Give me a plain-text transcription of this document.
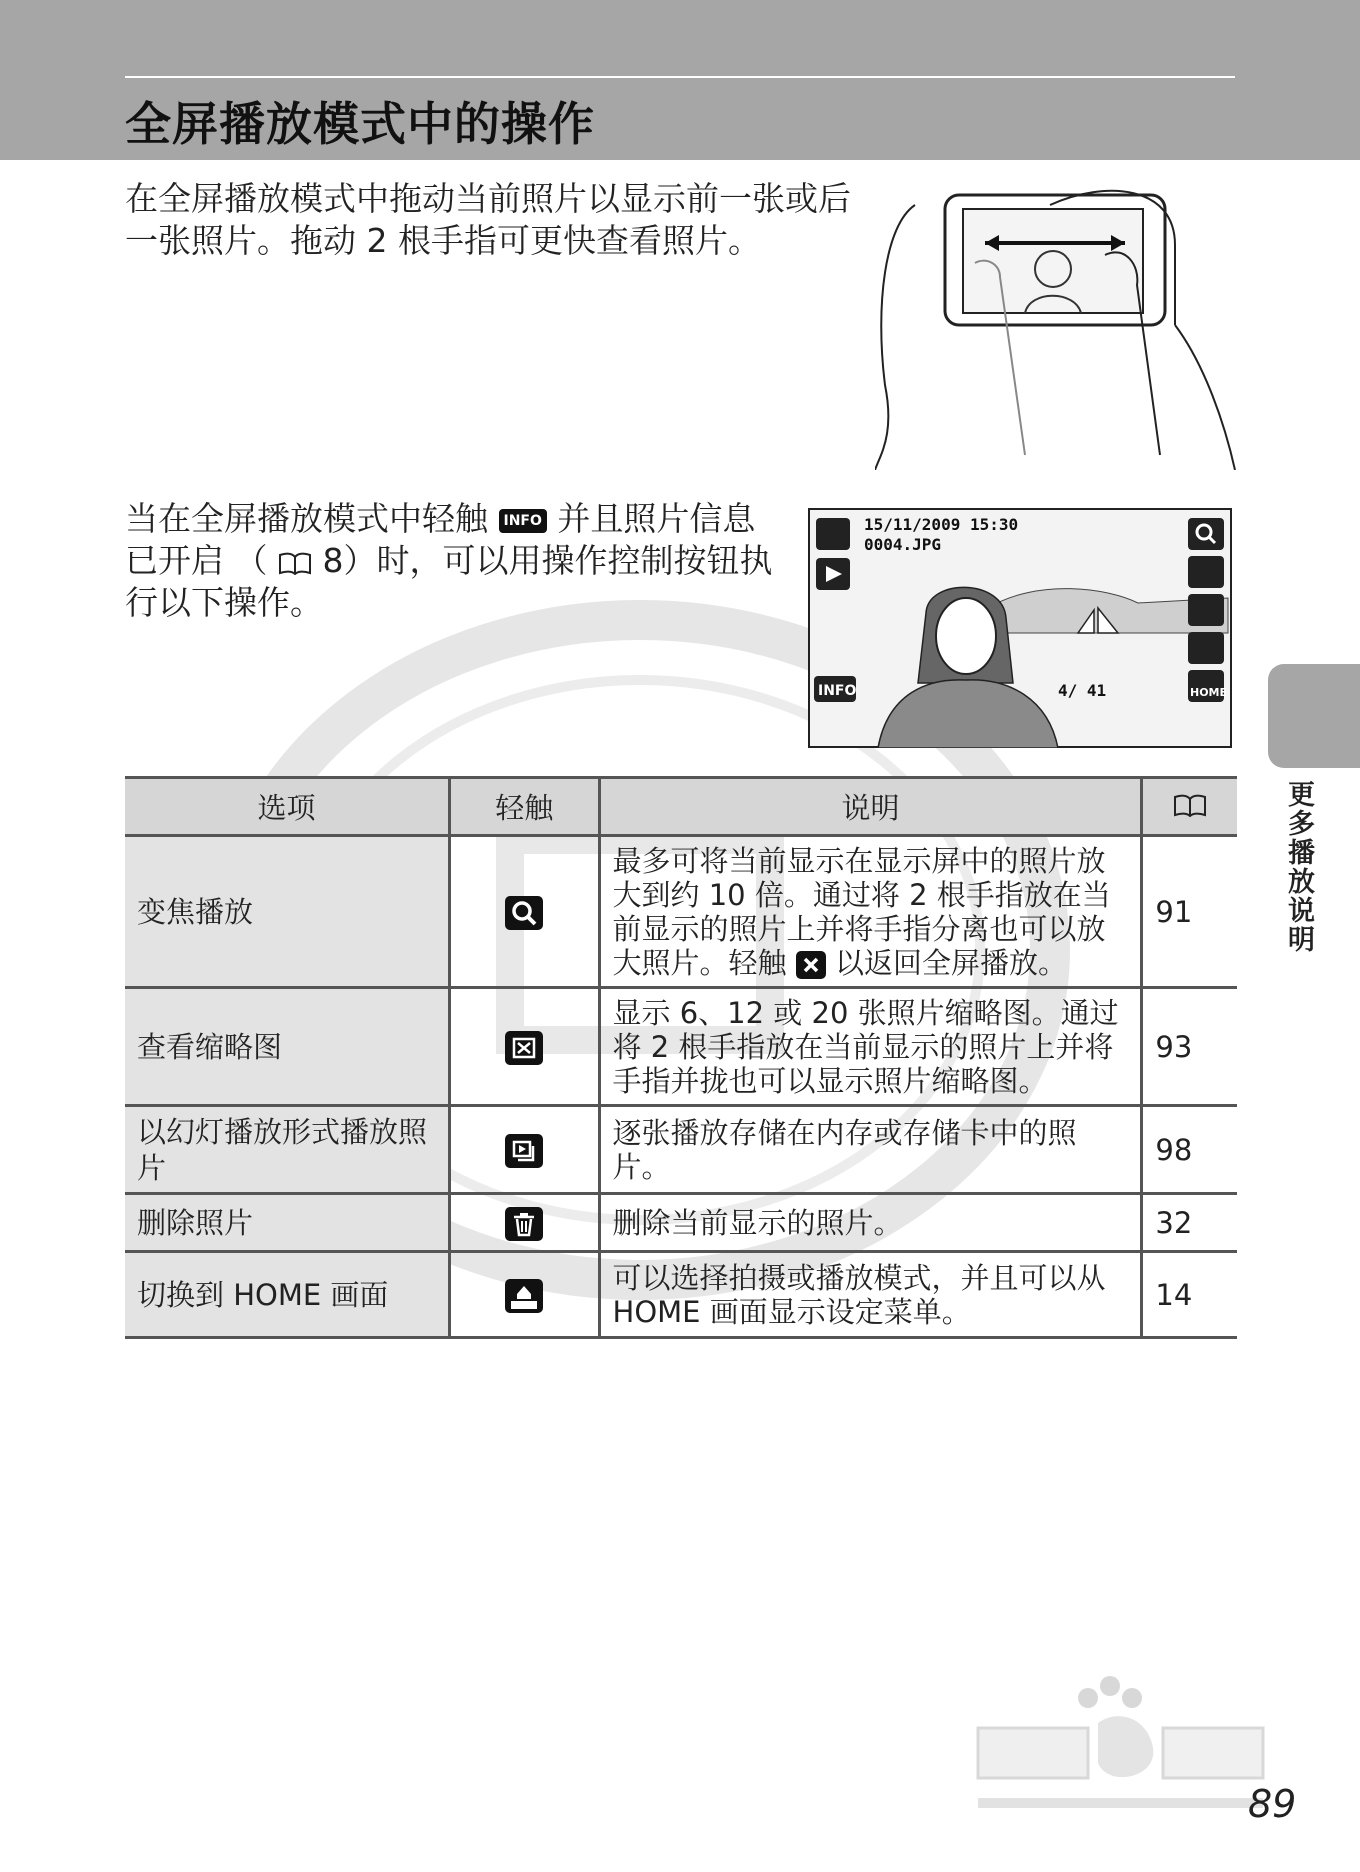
全屏播放模式中的操作
在全屏播放模式中拖动当前照片以显示前一张或后一张照片。拖动 2 根手指可更快查看照片。
当在全屏播放模式中轻触 INFO 并且照片信息已开启 （ 8）时，可以用操作控制按钮执行以下操作。
15/11/2009 15:30
0004.JPG
INFO	4/ 41	HOME
更多播放说明
选项	轻触	说明	
变焦播放		最多可将当前显示在显示屏中的照片放大到约 10 倍。通过将 2 根手指放在当前显示的照片上并将手指分离也可以放大照片。轻触 以返回全屏播放。	91
查看缩略图		显示 6、12 或 20 张照片缩略图。通过将 2 根手指放在当前显示的照片上并将手指并拢也可以显示照片缩略图。	93
以幻灯播放形式播放照片		逐张播放存储在内存或存储卡中的照片。	98
删除照片		删除当前显示的照片。	32
切换到 HOME 画面		可以选择拍摄或播放模式，并且可以从 HOME 画面显示设定菜单。	14
89
